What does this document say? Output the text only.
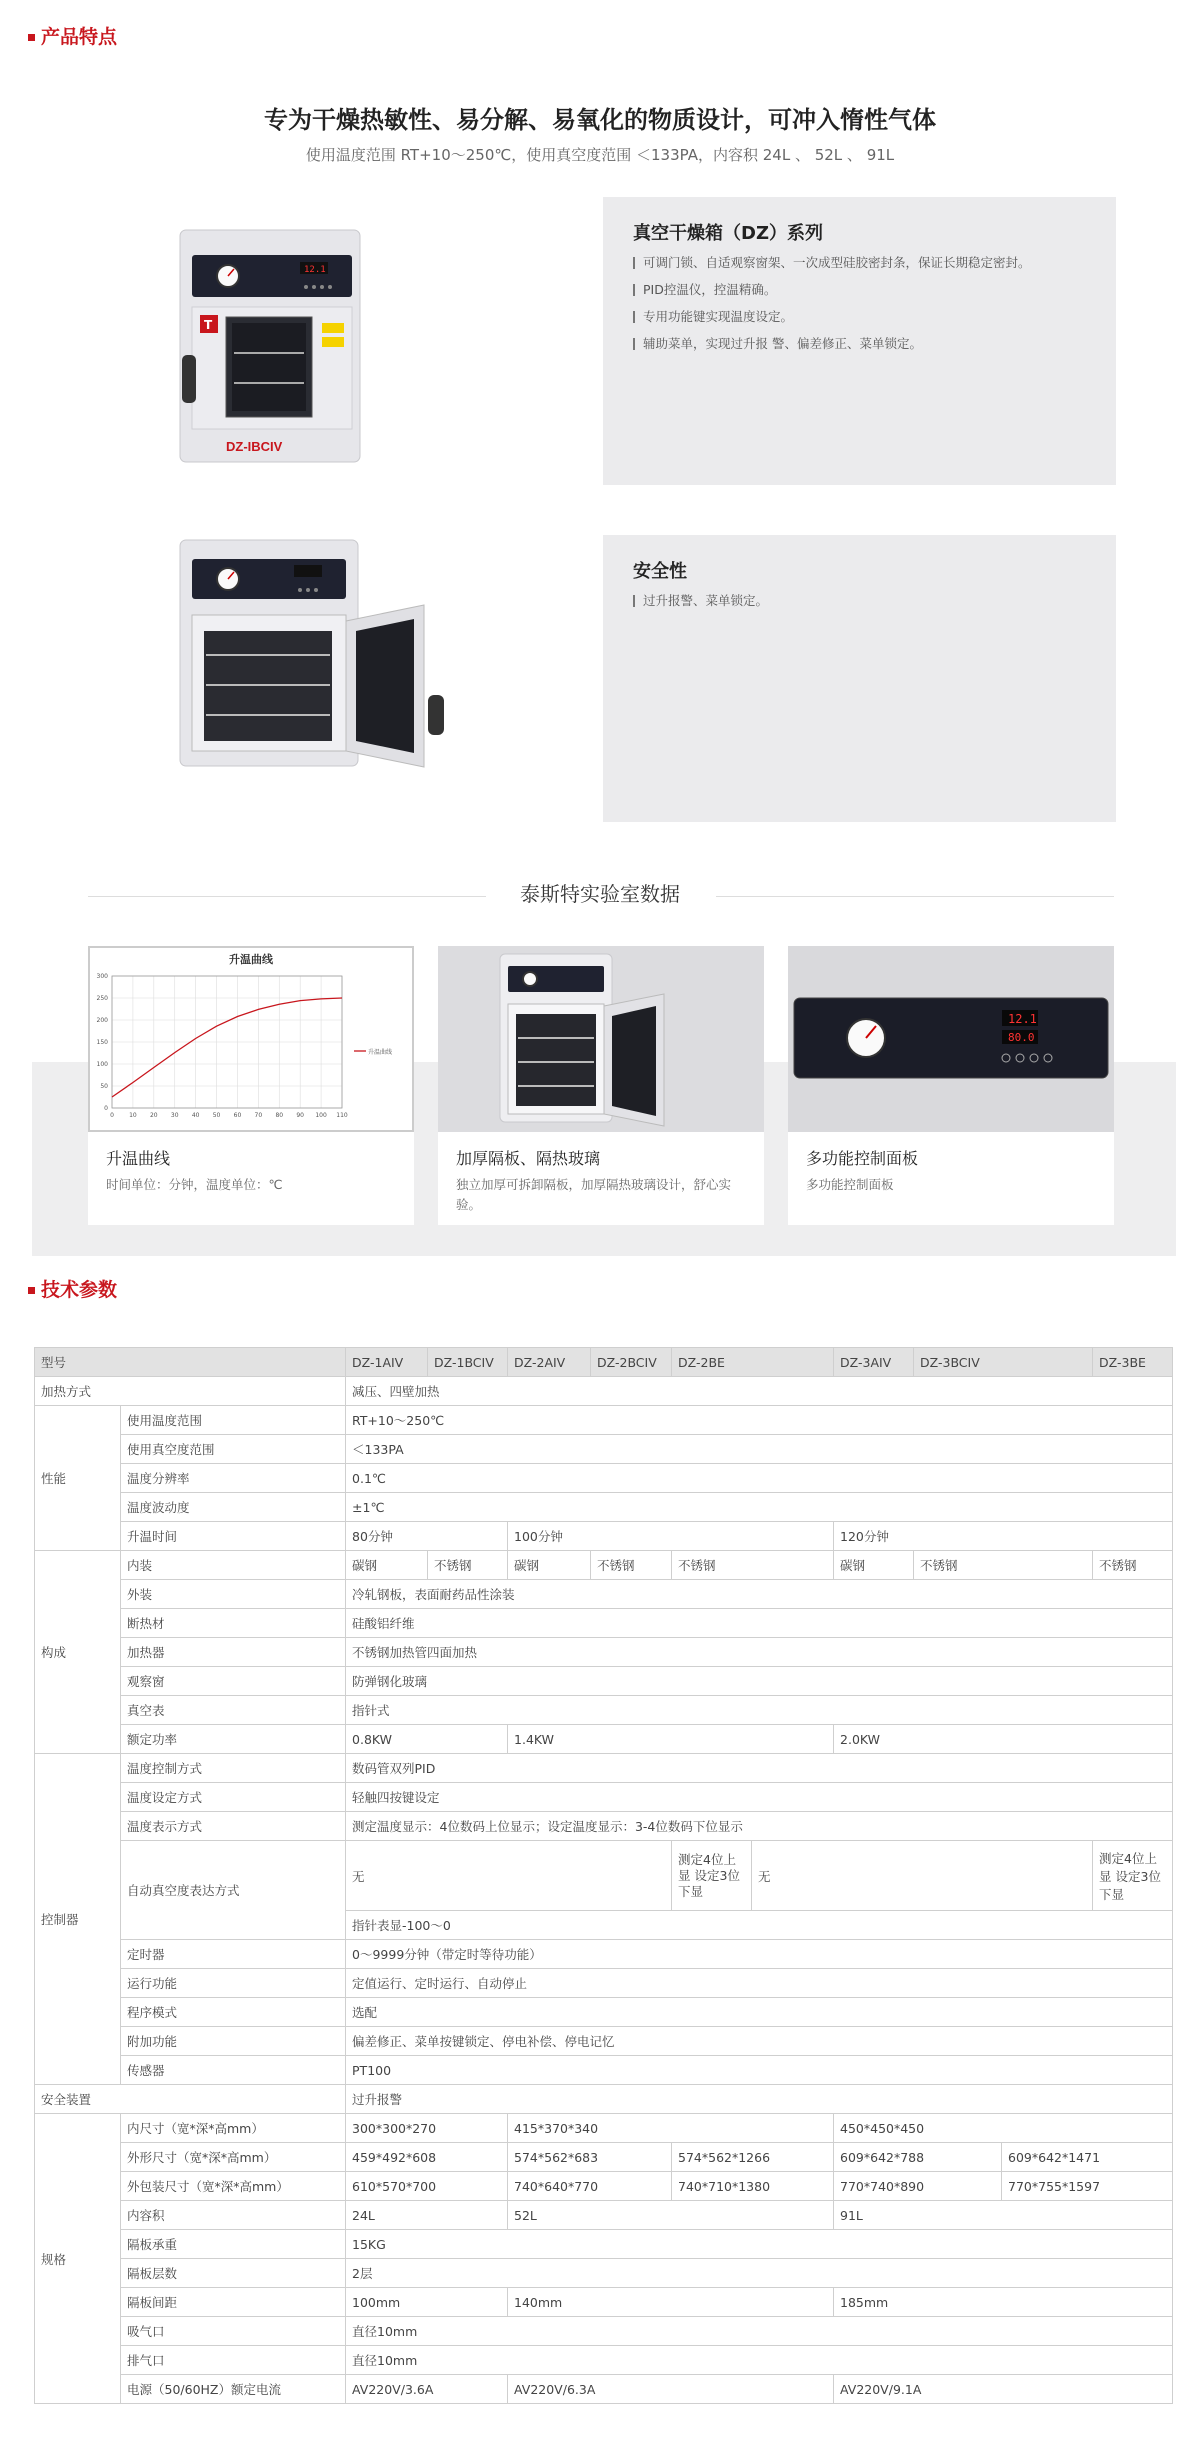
产品特点
专为干燥热敏性、易分解、易氧化的物质设计，可冲入惰性气体
使用温度范围 RT+10～250℃，使用真空度范围 ＜133PA，内容积 24L 、 52L 、 91L
12.1
T
DZ-IBCIV
真空干燥箱（DZ）系列
可调门锁、自适观察窗架、一次成型硅胶密封条，保证长期稳定密封。
PID控温仪，控温精确。
专用功能键实现温度设定。
辅助菜单，实现过升报 警、偏差修正、菜单锁定。
安全性
过升报警、菜单锁定。
泰斯特实验室数据
升温曲线
0	10 20 30 40 50 60 70 80 90 100 110
0
50
100
150
200
250
300
升温曲线
升温曲线
时间单位：分钟，温度单位：℃
加厚隔板、隔热玻璃
独立加厚可拆卸隔板，加厚隔热玻璃设计，舒心实验。
12.1
80.0
多功能控制面板
多功能控制面板
技术参数
型号		DZ-1AIV	DZ-1BCIV	DZ-2AIV	DZ-2BCIV	DZ-2BE		DZ-3AIV	DZ-3BCIV		DZ-3BE
加热方式		减压、四壁加热									
性能	使用温度范围	RT+10～250℃									
	使用真空度范围	＜133PA									
	温度分辨率	0.1℃									
	温度波动度	±1℃									
	升温时间	80分钟		100分钟				120分钟			
构成	内装	碳钢	不锈钢	碳钢	不锈钢	不锈钢		碳钢	不锈钢		不锈钢
	外装	冷轧钢板，表面耐药品性涂装									
	断热材	硅酸铝纤维									
	加热器	不锈钢加热管四面加热									
	观察窗	防弹钢化玻璃									
	真空表	指针式									
	额定功率	0.8KW		1.4KW				2.0KW			
控制器	温度控制方式	数码管双列PID									
	温度设定方式	轻触四按键设定									
	温度表示方式	测定温度显示：4位数码上位显示；设定温度显示：3-4位数码下位显示									
	自动真空度表达方式	无				测定4位上显 设定3位下显	无				测定4位上显 设定3位下显
		指针表显-100～0									
	定时器	0～9999分钟（带定时等待功能）									
	运行功能	定值运行、定时运行、自动停止									
	程序模式	选配									
	附加功能	偏差修正、菜单按键锁定、停电补偿、停电记忆									
	传感器	PT100									
安全装置		过升报警									
规格	内尺寸（宽*深*高mm）	300*300*270		415*370*340				450*450*450			
	外形尺寸（宽*深*高mm）	459*492*608		574*562*683		574*562*1266		609*642*788		609*642*1471	
	外包装尺寸（宽*深*高mm）	610*570*700		740*640*770		740*710*1380		770*740*890		770*755*1597	
	内容积	24L		52L				91L			
	隔板承重	15KG									
	隔板层数	2层									
	隔板间距	100mm		140mm				185mm			
	吸气口	直径10mm									
	排气口	直径10mm									
	电源（50/60HZ）额定电流	AV220V/3.6A		AV220V/6.3A				AV220V/9.1A			
